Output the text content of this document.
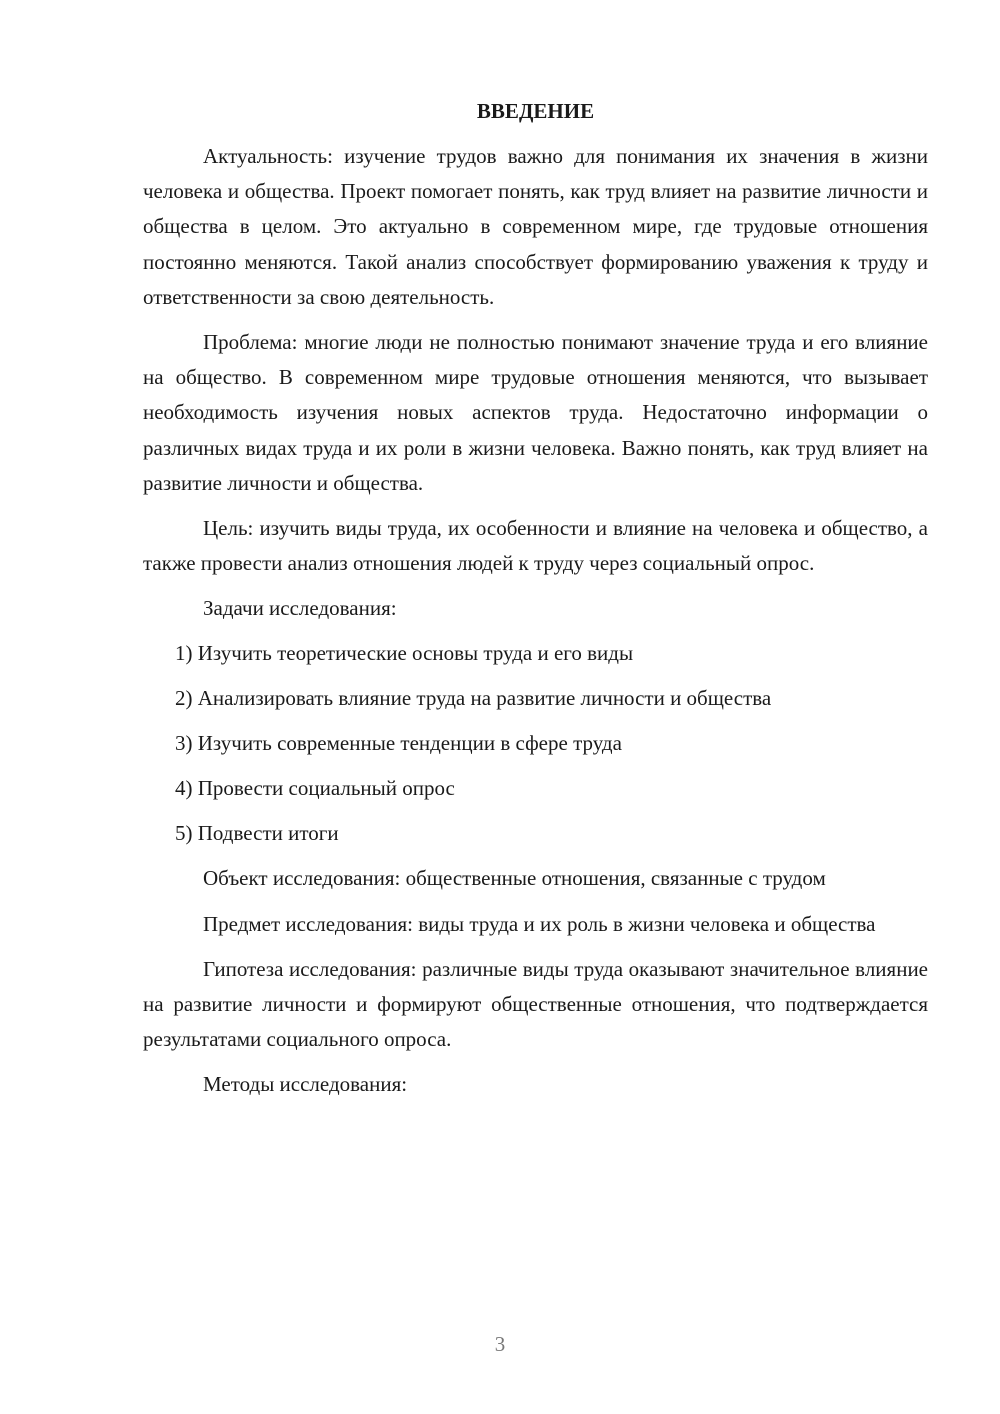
ВВЕДЕНИЕ

Актуальность: изучение трудов важно для понимания их значения в жизни человека и общества. Проект помогает понять, как труд влияет на развитие личности и общества в целом. Это актуально в современном мире, где трудовые отношения постоянно меняются. Такой анализ способствует формированию уважения к труду и ответственности за свою деятельность.

Проблема: многие люди не полностью понимают значение труда и его влияние на общество. В современном мире трудовые отношения меняются, что вызывает необходимость изучения новых аспектов труда. Недостаточно информации о различных видах труда и их роли в жизни человека. Важно понять, как труд влияет на развитие личности и общества.

Цель: изучить виды труда, их особенности и влияние на человека и общество, а также провести анализ отношения людей к труду через социальный опрос.

Задачи исследования:
1) Изучить теоретические основы труда и его виды
2) Анализировать влияние труда на развитие личности и общества
3) Изучить современные тенденции в сфере труда
4) Провести социальный опрос
5) Подвести итоги

Объект исследования: общественные отношения, связанные с трудом

Предмет исследования: виды труда и их роль в жизни человека и общества

Гипотеза исследования: различные виды труда оказывают значительное влияние на развитие личности и формируют общественные отношения, что подтверждается результатами социального опроса.

Методы исследования:
3
